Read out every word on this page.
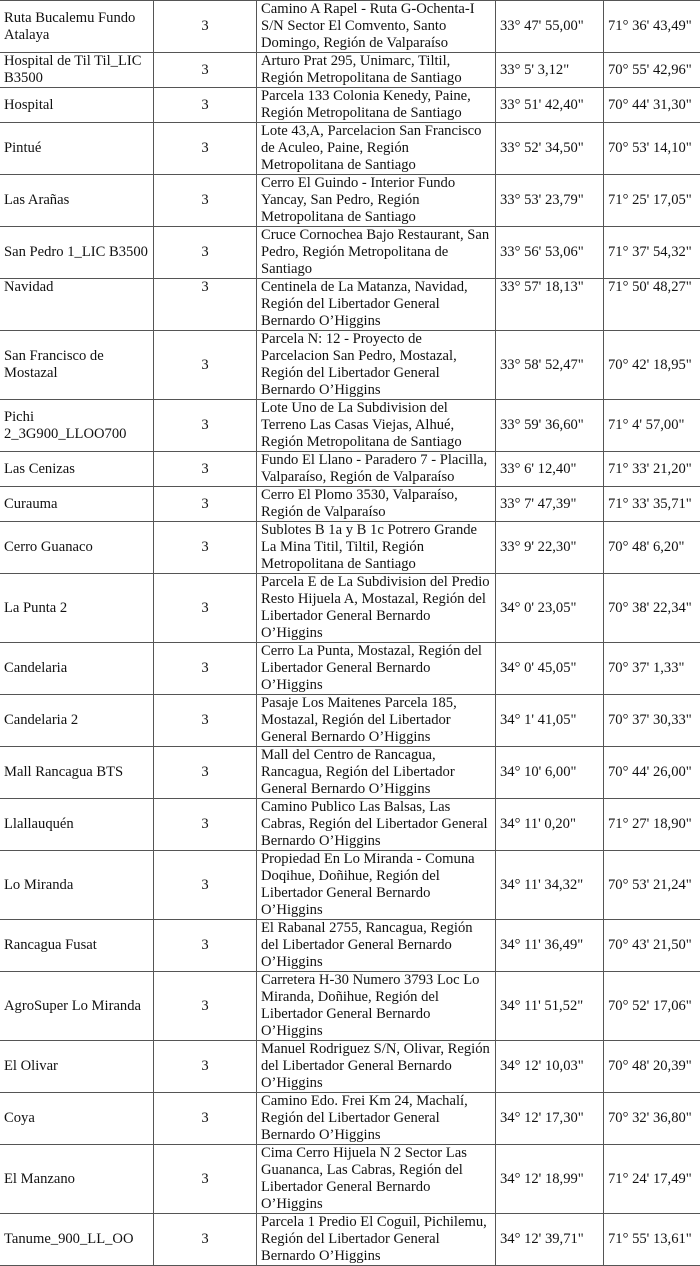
Ruta Bucalemu Fundo Atalaya	3	Camino A Rapel - Ruta G-Ochenta-I S/N Sector El Comvento, Santo Domingo, Región de Valparaíso	33° 47' 55,00"	71° 36' 43,49"
Hospital de Til Til_LIC B3500	3	Arturo Prat 295, Unimarc, Tiltil, Región Metropolitana de Santiago	33° 5' 3,12"	70° 55' 42,96"
Hospital	3	Parcela 133 Colonia Kenedy, Paine, Región Metropolitana de Santiago	33° 51' 42,40"	70° 44' 31,30"
Pintué	3	Lote 43,A, Parcelacion San Francisco de Aculeo, Paine, Región Metropolitana de Santiago	33° 52' 34,50"	70° 53' 14,10"
Las Arañas	3	Cerro El Guindo - Interior Fundo Yancay, San Pedro, Región Metropolitana de Santiago	33° 53' 23,79"	71° 25' 17,05"
San Pedro 1_LIC B3500	3	Cruce Cornochea Bajo Restaurant, San Pedro, Región Metropolitana de Santiago	33° 56' 53,06"	71° 37' 54,32"
Navidad	3	Centinela de La Matanza, Navidad, Región del Libertador General Bernardo O’Higgins	33° 57' 18,13"	71° 50' 48,27"
San Francisco de Mostazal	3	Parcela N: 12 - Proyecto de Parcelacion San Pedro, Mostazal, Región del Libertador General Bernardo O’Higgins	33° 58' 52,47"	70° 42' 18,95"
Pichi 2_3G900_LLOO700	3	Lote Uno de La Subdivision del Terreno Las Casas Viejas, Alhué, Región Metropolitana de Santiago	33° 59' 36,60"	71° 4' 57,00"
Las Cenizas	3	Fundo El Llano - Paradero 7 - Placilla, Valparaíso, Región de Valparaíso	33° 6' 12,40"	71° 33' 21,20"
Curauma	3	Cerro El Plomo 3530, Valparaíso, Región de Valparaíso	33° 7' 47,39"	71° 33' 35,71"
Cerro Guanaco	3	Sublotes B 1a y B 1c Potrero Grande La Mina Titil, Tiltil, Región Metropolitana de Santiago	33° 9' 22,30"	70° 48' 6,20"
La Punta 2	3	Parcela E de La Subdivision del Predio Resto Hijuela A, Mostazal, Región del Libertador General Bernardo O’Higgins	34° 0' 23,05"	70° 38' 22,34"
Candelaria	3	Cerro La Punta, Mostazal, Región del Libertador General Bernardo O’Higgins	34° 0' 45,05"	70° 37' 1,33"
Candelaria 2	3	Pasaje Los Maitenes Parcela 185, Mostazal, Región del Libertador General Bernardo O’Higgins	34° 1' 41,05"	70° 37' 30,33"
Mall Rancagua BTS	3	Mall del Centro de Rancagua, Rancagua, Región del Libertador General Bernardo O’Higgins	34° 10' 6,00"	70° 44' 26,00"
Llallauquén	3	Camino Publico Las Balsas, Las Cabras, Región del Libertador General Bernardo O’Higgins	34° 11' 0,20"	71° 27' 18,90"
Lo Miranda	3	Propiedad En Lo Miranda - Comuna Doqihue, Doñihue, Región del Libertador General Bernardo O’Higgins	34° 11' 34,32"	70° 53' 21,24"
Rancagua Fusat	3	El Rabanal 2755, Rancagua, Región del Libertador General Bernardo O’Higgins	34° 11' 36,49"	70° 43' 21,50"
AgroSuper Lo Miranda	3	Carretera H-30 Numero 3793 Loc Lo Miranda, Doñihue, Región del Libertador General Bernardo O’Higgins	34° 11' 51,52"	70° 52' 17,06"
El Olivar	3	Manuel Rodriguez S/N, Olivar, Región del Libertador General Bernardo O’Higgins	34° 12' 10,03"	70° 48' 20,39"
Coya	3	Camino Edo. Frei Km 24, Machalí, Región del Libertador General Bernardo O’Higgins	34° 12' 17,30"	70° 32' 36,80"
El Manzano	3	Cima Cerro Hijuela N 2 Sector Las Guananca, Las Cabras, Región del Libertador General Bernardo O’Higgins	34° 12' 18,99"	71° 24' 17,49"
Tanume_900_LL_OO	3	Parcela 1 Predio El Coguil, Pichilemu, Región del Libertador General Bernardo O’Higgins	34° 12' 39,71"	71° 55' 13,61"
